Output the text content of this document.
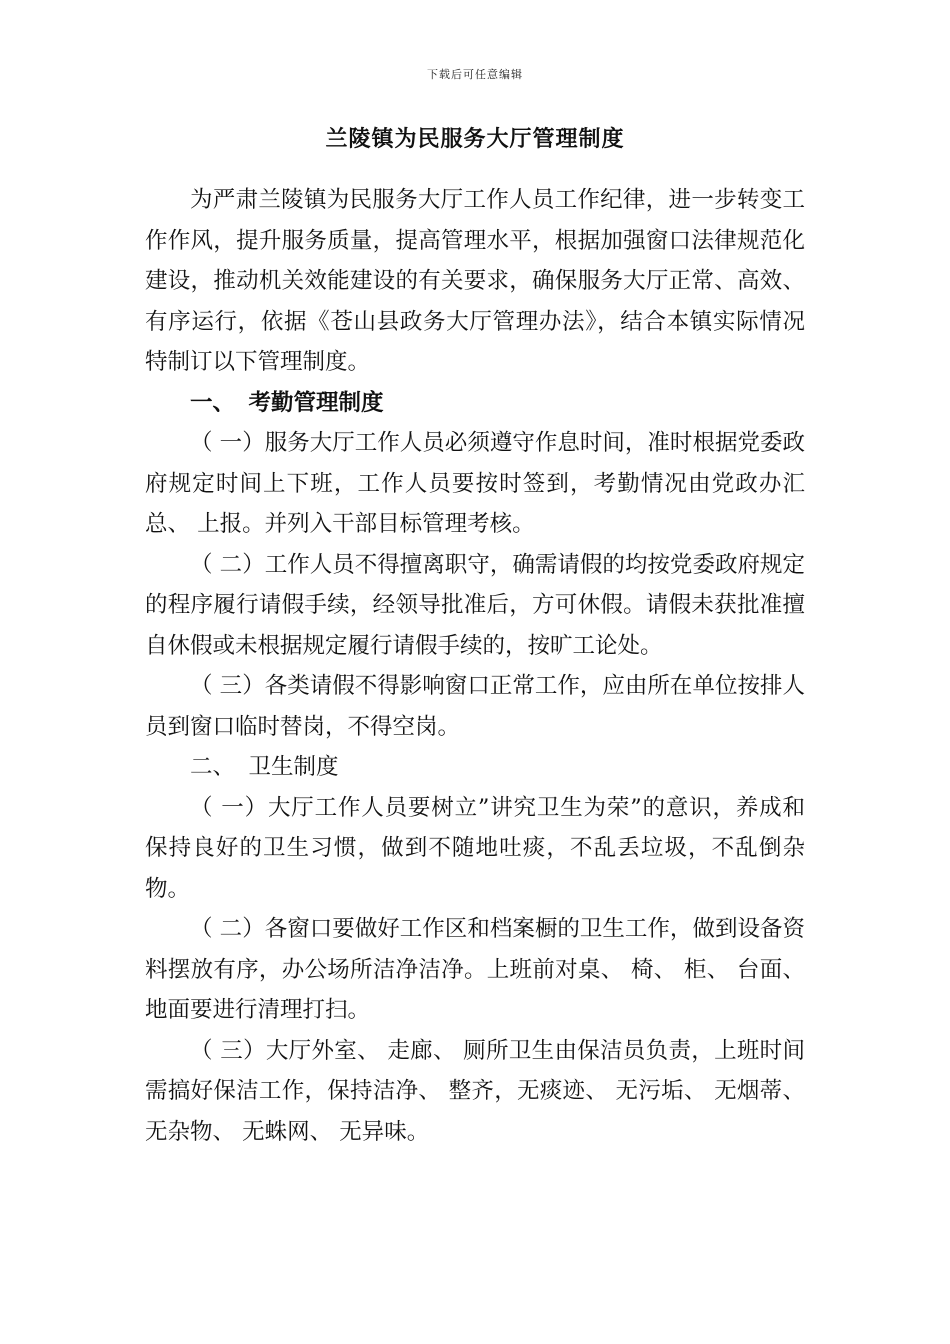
下载后可任意编辑
兰陵镇为民服务大厅管理制度

为严肃兰陵镇为民服务大厅工作人员工作纪律，进一步转变工作作风，提升服务质量，提高管理水平，根据加强窗口法律规范化建设，推动机关效能建设的有关要求，确保服务大厅正常、高效、 有序运行，依据《苍山县政务大厅管理办法》，结合本镇实际情况特制订以下管理制度。

一、 考勤管理制度

（ 一）服务大厅工作人员必须遵守作息时间，准时根据党委政府规定时间上下班，工作人员要按时签到，考勤情况由党政办汇总、 上报。并列入干部目标管理考核。

（ 二）工作人员不得擅离职守，确需请假的均按党委政府规定的程序履行请假手续，经领导批准后，方可休假。请假未获批准擅自休假或未根据规定履行请假手续的，按旷工论处。

（ 三）各类请假不得影响窗口正常工作，应由所在单位按排人员到窗口临时替岗，不得空岗。

二、 卫生制度

（ 一）大厅工作人员要树立”讲究卫生为荣”的意识，养成和保持良好的卫生习惯，做到不随地吐痰，不乱丢垃圾，不乱倒杂物。

（ 二）各窗口要做好工作区和档案橱的卫生工作，做到设备资料摆放有序，办公场所洁净洁净。上班前对桌、 椅、 柜、 台面、 地面要进行清理打扫。

（ 三）大厅外室、 走廊、 厕所卫生由保洁员负责，上班时间需搞好保洁工作，保持洁净、 整齐，无痰迹、 无污垢、 无烟蒂、 无杂物、 无蛛网、 无异味。
